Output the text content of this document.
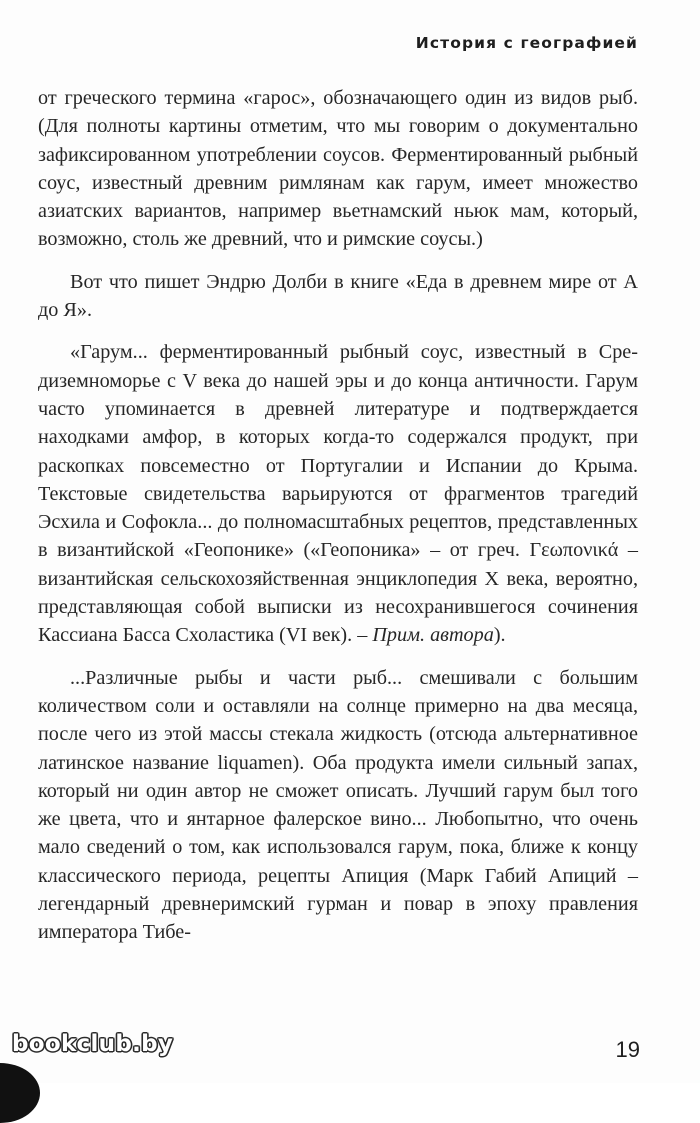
История с географией

от греческого термина «гарос», обозначающего один из видов рыб. (Для полноты картины отметим, что мы говорим о документально зафиксированном употреблении соусов. Ферментированный рыбный соус, известный древним римлянам как гарум, имеет множество азиатских вариантов, например вьетнамский ньюк мам, который, возможно, столь же древний, что и римские соусы.)

Вот что пишет Эндрю Долби в книге «Еда в древнем мире от А до Я».

«Гарум... ферментированный рыбный соус, известный в Средиземноморье с V века до нашей эры и до конца античности. Гарум часто упоминается в древней литературе и подтверждается находками амфор, в которых когда-то содержался продукт, при раскопках повсеместно от Португалии и Испании до Крыма. Текстовые свидетельства варьируются от фрагментов трагедий Эсхила и Софокла... до полномасштабных рецептов, представленных в византийской «Геопонике» («Геопоника» – от греч. Γεωπονικά – византийская сельскохозяйственная энциклопедия X века, вероятно, представляющая собой выписки из несохранившегося сочинения Кассиана Басса Схоластика (VI век). – Прим. автора).

...Различные рыбы и части рыб... смешивали с большим количеством соли и оставляли на солнце примерно на два месяца, после чего из этой массы стекала жидкость (отсюда альтернативное латинское название liquamen). Оба продукта имели сильный запах, который ни один автор не сможет описать. Лучший гарум был того же цвета, что и янтарное фалерское вино... Любопытно, что очень мало сведений о том, как использовался гарум, пока, ближе к концу классического периода, рецепты Апиция (Марк Габий Апиций – легендарный древнеримский гурман и повар в эпоху правления императора Тибе-

bookclub.by	19
